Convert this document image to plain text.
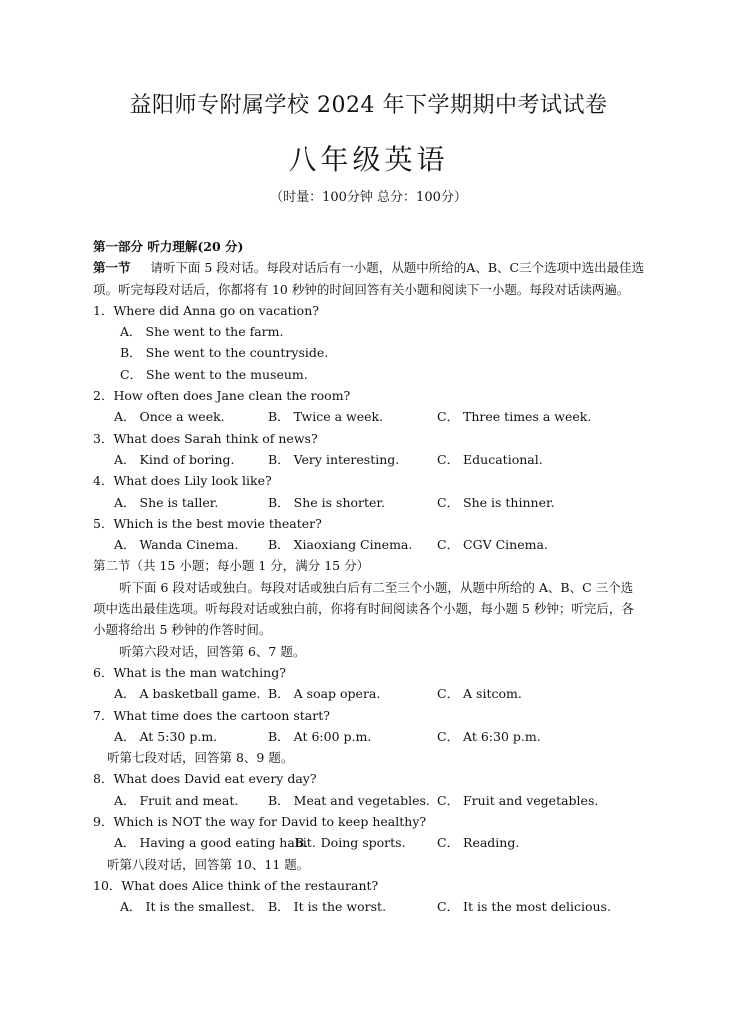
益阳师专附属学校 2024 年下学期期中考试试卷
八年级英语
（时量：100分钟 总分：100分）
第一部分 听力理解(20 分)
第一节 请听下面 5 段对话。每段对话后有一小题，从题中所给的A、B、C三个选项中选出最佳选项。听完每段对话后，你都将有 10 秒钟的时间回答有关小题和阅读下一小题。每段对话读两遍。
1．Where did Anna go on vacation?
A． She went to the farm.
B． She went to the countryside.
C． She went to the museum.
2．How often does Jane clean the room?
A． Once a week.	B． Twice a week.	C． Three times a week.
3．What does Sarah think of news?
A． Kind of boring.	B． Very interesting.	C． Educational.
4．What does Lily look like?
A． She is taller.	B． She is shorter.	C． She is thinner.
5．Which is the best movie theater?
A． Wanda Cinema.	B． Xiaoxiang Cinema.	C． CGV Cinema.
第二节（共 15 小题；每小题 1 分，满分 15 分）
听下面 6 段对话或独白。每段对话或独白后有二至三个小题，从题中所给的 A、B、C 三个选项中选出最佳选项。听每段对话或独白前，你将有时间阅读各个小题，每小题 5 秒钟；听完后，各小题将给出 5 秒钟的作答时间。
听第六段对话，回答第 6、7 题。
6．What is the man watching?
A． A basketball game. B． A soap opera.	C． A sitcom.
7．What time does the cartoon start?
A． At 5:30 p.m.	B． At 6:00 p.m.	C． At 6:30 p.m.
听第七段对话，回答第 8、9 题。
8．What does David eat every day?
A． Fruit and meat.	B． Meat and vegetables. C． Fruit and vegetables.
9．Which is NOT the way for David to keep healthy?
A． Having a good eating habit.
B． Doing sports.	C． Reading.
听第八段对话，回答第 10、11 题。
10．What does Alice think of the restaurant?
A． It is the smallest.	B． It is the worst.	C． It is the most delicious.
